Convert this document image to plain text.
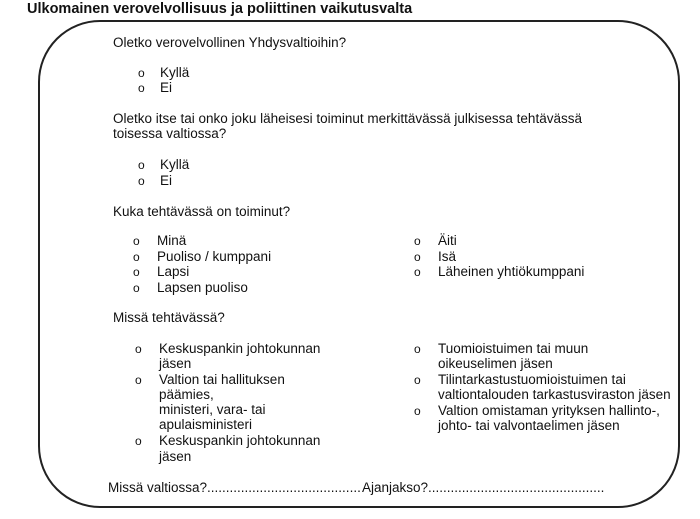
Ulkomainen verovelvollisuus ja poliittinen vaikutusvalta
Oletko verovelvollinen Yhdysvaltioihin?
o Kyllä
o Ei
Oletko itse tai onko joku läheisesi toiminut merkittävässä julkisessa tehtävässä
toisessa valtiossa?
o Kyllä
o Ei
Kuka tehtävässä on toiminut?
o Minä
o Puoliso / kumppani
o Lapsi
o Lapsen puoliso
o Äiti
o Isä
o Läheinen yhtiökumppani
Missä tehtävässä?
o Keskuspankin johtokunnan
jäsen
o Valtion tai hallituksen
päämies,
ministeri, vara- tai
apulaisministeri
o Keskuspankin johtokunnan
jäsen
o Tuomioistuimen tai muun
oikeuselimen jäsen
o Tilintarkastustuomioistuimen tai
valtiontalouden tarkastusviraston jäsen
o Valtion omistaman yrityksen hallinto-,
johto- tai valvontaelimen jäsen
Missä valtiossa?......................................... Ajanjakso?...............................................
